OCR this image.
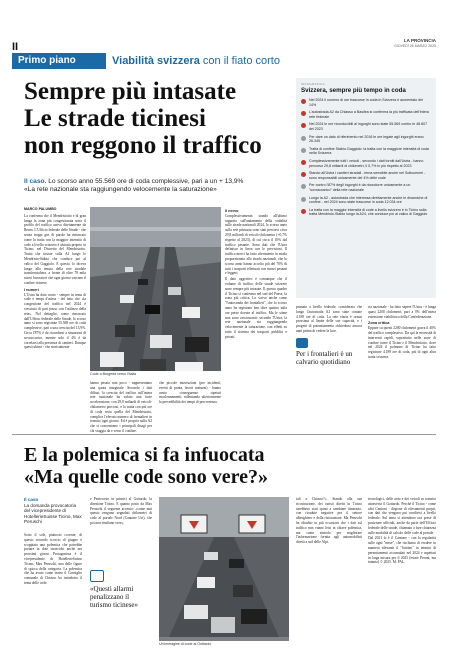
II
LA PROVINCIA
GIOVEDÌ 26 MARZO 2025
Primo piano	Viabilità svizzera con il fiato corto
Sempre più intasate
Le strade ticinesi
non reggono il traffico
Il caso. Lo scorso anno 55.569 ore di coda complessive, pari a un + 13,9%
«La rete nazionale sta raggiungendo velocemente la saturazione»
INFOGRAFICA
Svizzera, sempre più tempo in coda
Nel 2024 il numero di ore trascorse in coda in Svizzera è aumentato del 14%
L'autostrada A2 da Chiasso a Basilea si conferma la più trafficata dell'intera rete federale
Nel 2024 le ore riconducibili al ingorghi sono state 55.569 contro le 48.807 del 2023
Per dare un dato di riferimento nel 2016 le ore legate agli ingorghi erano 26.345
Tratta di confine Stabio-Gaggiolo: la tratta con la maggiore intensità di coda nella Svizzera
Complessivamente tutti i veicoli - secondo i dati forniti dall'Ustra - hanno percorso 29,8 miliardi di chilometri, il 0,7% in più rispetto al 2023
Stando all'Ustra i cantieri stradali - tema sensibile anche nel Sottoceneri - sono responsabili unicamente del 4% delle code
Per contro l'87% degli ingorghi è da ricondurre unicamente a un "sovraccarico" della rete nazionale
Lungo la A2 - autostrada che interessa direttamente anche le dinamiche di confine - nel 2024 sono state trascorse in coda 12.034 ore
La tratta con la maggior intensità di code a livello svizzero è in Ticino sulla tratta Mendrisio-Stabio lungo la A24, che conduce poi al valico di Gaggiolo
MARCO PALUMBO

La conferma che il Mendrisiotto e di gran lunga la zona più congestionata sotto il profilo del traffico arriva direttamente da Berna. L'Ufficio federale delle Strade - che senza troppi giri di parole ha rimarcato come la tratta con la maggior intensità di code a livello svizzero è ubicata proprio in Ticino, nel Distretto del Mendrisiotto. Tratta che insiste sulla A2 lungo le Mendrisio-Stabio che conduce poi al valico del Gaggiolo. E questo, lo diceva lungo alla tenuta della rete stradale transfrontaliera, a fronte di oltre 78 mila nuovi lavoratori che ogni giorno varcano il confine ticinese.

I numeri

L'Ustra ha dato conto - sempre in tema di code e tempi d'attesa - del fatto che «la congestione del traffico nel 2024 è cresciuta di pari passo con l'utilizzo della rete». Nel dettaglio, come rimarcato dall'Ufficio federale delle Strade, lo scorso anno si sono registrate 55.569 ore di coda complessive, pari a una crescita del 13,9%. Circa l'87% è da ricondursi a situazioni di sovraccarico, mentre solo il 4% è da correlarsi alla presenza di cantieri. Dunque questi ultimi - che storicamente

Code a Brogeda verso l'Italia

hanno pesato non poco - rappresentano una quota marginale. Secondo i dati diffusi, la crescita del traffico sull'intera rete nazionale ha subito una forte accelerazione, con 29,8 miliardi di veicoli-chilometro percorsi, e la tratta con più ore di coda resta quella del Mendrisiotto, complice l'elevato numero di frontalieri in transito ogni giorno. Ed è proprio sulla A2 che si concentrano i principali disagi per chi viaggia da e verso il confine.

che piccole interruzioni (per incidenti, eventi di punta, lavori notturni) - hanno avuto conseguenze ripetuti incolonnamenti, rallentando ulteriormente la prevedibilità dei tempi di percorrenza.

Il nervo

Complessivamente, stando all'ultimo rapporto sull'andamento della viabilità sulle strade nazionali 2024, lo scorso anno sulla rete primaria sono stati percorsi circa 29,8 miliardi di veicoli-chilometro (+0,7% rispetto al 2023), di cui circa il 10% dal traffico pesante. Sono dati che l'Ustra definisce in linea con le previsioni. Il traffico merci ha fatto riferimento in modo proporzionato allo strado nazionali, che lo scorso anno hanno accolto più del 70% di tutti i trasporti effettuati con mezzi pesanti e leggeri.

Il dato oggettivo è comunque che il volume di traffico delle strade svizzere sono sempre più intasate. Il questo quadro il Ticino si conferma nel sud del Paese, la zona più critica. Lo scrive anche come "l'autostrada dei frontalieri", che lo scorso anno ha registrato ben oltre quattro mila ore perse dovute al traffico. Ma le stime non sono rassicuranti: secondo l'Ustra, la rete nazionale sta raggiungendo velocemente la saturazione, con effetti su tutto il sistema dei trasporti pubblici e privati.

primato a livello federale, considerato che lungo l'autostrada A2 sono state contate 4.189 ore di coda. La rete viaria è ormai prossima al limite delle sue capacità, e i progetti di potenziamento richiedono ancora anni prima di vedere la luce.

Per i frontalieri è un calvario quotidiano

ria nazionale - ha fatto sapere l'Ustra - è lunga quasi 2200 chilometri, pari a 0% dell'intera estensione viabilistica della Confederazione.

Zona critica

Eppure su questi 2200 chilometri grava il 40% del traffico complessivo. Da qui la necessità di interventi rapidi, soprattutto nelle zone di confine come il Ticino e il Mendrisiotto, dove nel 2024 il polmone di Ticino ha fatto registrare 4.189 ore di coda, più di ogni altra tratta svizzera.

E la polemica si fa infuocata
«Ma quelle code sono vere?»
Il caso
La domanda provocatoria del vicepresidente di HotellerieSuisse Ticino, Max Peruschi

Sotto il sole, piuttosto cocente, di questo secondo scorcio di giugno è scoppiata una polemica che potrebbe portare in dote strascichi anche nei prossimi giorni. Protagonista è il vicepresidente di HotellerieSuisse Ticino, Max Peruschi, una delle figure di spicco della categoria. La polemica che ha avuto come teatro il Consiglio comunale di Chiasso ha introdotto il tema delle code.

e Pentecoste in primis) al Gottardo, la direzione Ticino. E quanto posto da Max Peruschi il seguente accento: «come mai questo vengono segnalati chilometri di code al portale Nord (Cantone Uri), che poi non risultano vere».

«Questi allarmi penalizzano il turismo ticinese»
Un'immagine di code al Gottardo

tali a Chiasso?». Stando alla sua ricostruzione, dei turisti diretti in Ticino sarebbero stati spinti a cambiare itinerario, con ricadute negative per il settore alberghiero e della ristorazione. Ma Peruschi ha ribadito in più occasioni che i dati sul traffico non vanno letti in chiave polemica, ma come stimolo per migliorare l'informazione fornita agli automobilisti diretti a sud delle Alpi.

tecnologici, delle auto e dei veicoli in transito attraverso il Gottardo. Perché il Ticino - come altri Cantoni - dispone di rilevamenti propri, con dati che vengono poi condivisi a livello federale. Sul tema si attendono ora prese di posizione ufficiali, anche da parte dell'Ufficio federale delle strade, chiamato a fare chiarezza sulle modalità di calcolo delle code al portale.

Dal 2021 lo è il Cantone - con la regolarità sulle ogni "mese", che rischiano di erodere in maniera rilevante il "bottino" in termini di pernottamenti accumulati nel 2024 e aspettati in larga misura per il 2025 (estate Peroni, ma intanto) © 2025. M. PAL.
